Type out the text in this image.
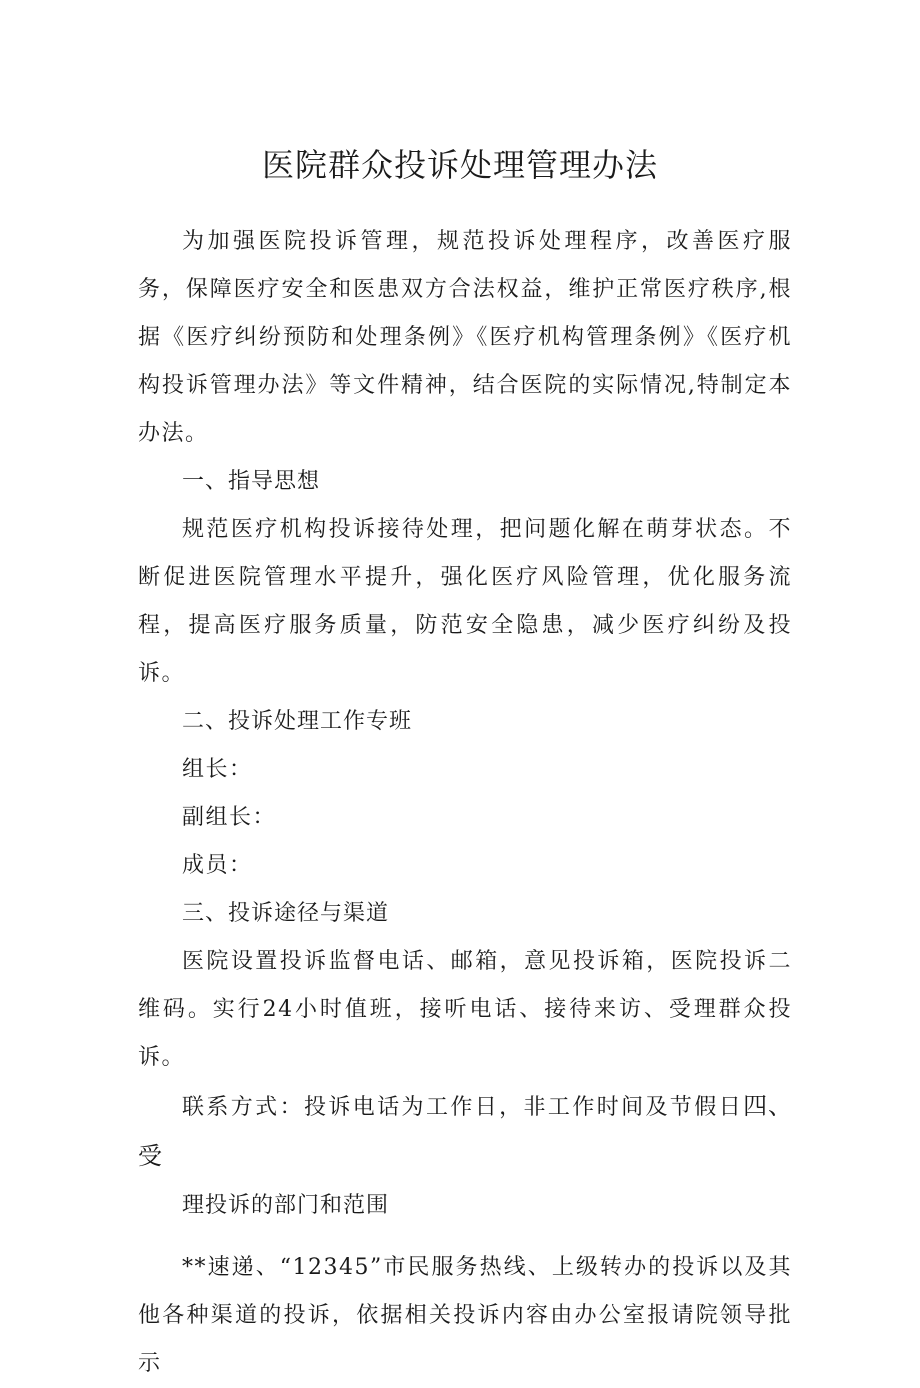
医院群众投诉处理管理办法

为加强医院投诉管理，规范投诉处理程序，改善医疗服务，保障医疗安全和医患双方合法权益，维护正常医疗秩序,根据《医疗纠纷预防和处理条例》《医疗机构管理条例》《医疗机构投诉管理办法》等文件精神，结合医院的实际情况,特制定本办法。

一、指导思想

规范医疗机构投诉接待处理，把问题化解在萌芽状态。不断促进医院管理水平提升，强化医疗风险管理，优化服务流程，提高医疗服务质量，防范安全隐患，减少医疗纠纷及投诉。

二、投诉处理工作专班

组长：

副组长：

成员：

三、投诉途径与渠道

医院设置投诉监督电话、邮箱，意见投诉箱，医院投诉二维码。实行24小时值班，接听电话、接待来访、受理群众投诉。

联系方式：投诉电话为工作日，非工作时间及节假日四、受

理投诉的部门和范围

**速递、“12345”市民服务热线、上级转办的投诉以及其他各种渠道的投诉，依据相关投诉内容由办公室报请院领导批示
